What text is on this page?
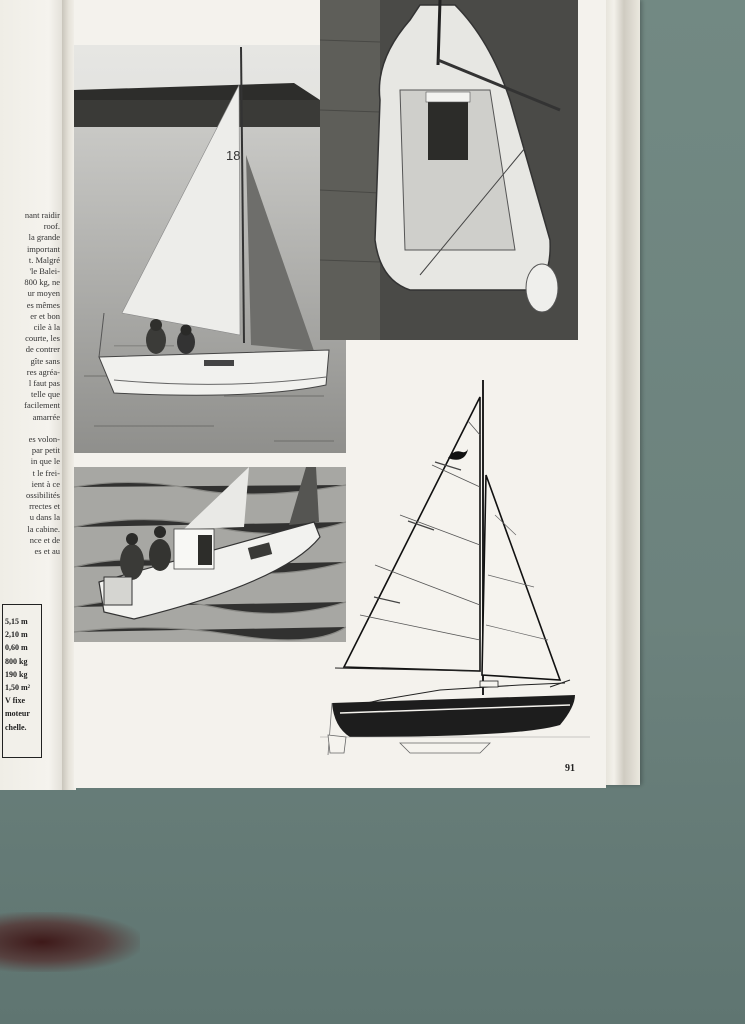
nant raidir
roof.
la grande
important
t. Malgré
'le Balei-
800 kg, ne
ur moyen
es mêmes
er et bon
cile à la
courte, les
de contrer
gîte sans
res agréa-
l faut pas
telle que
facilement
amarrée

es volon-
par petit
in que le
t le frei-
ient à ce
ossibilités
rrectes et
u dans la
la cabine.
nce et de
es et au
5,15 m
2,10 m
0,60 m
800 kg
190 kg
1,50 m²
V fixe
moteur
chelle.
18
91
